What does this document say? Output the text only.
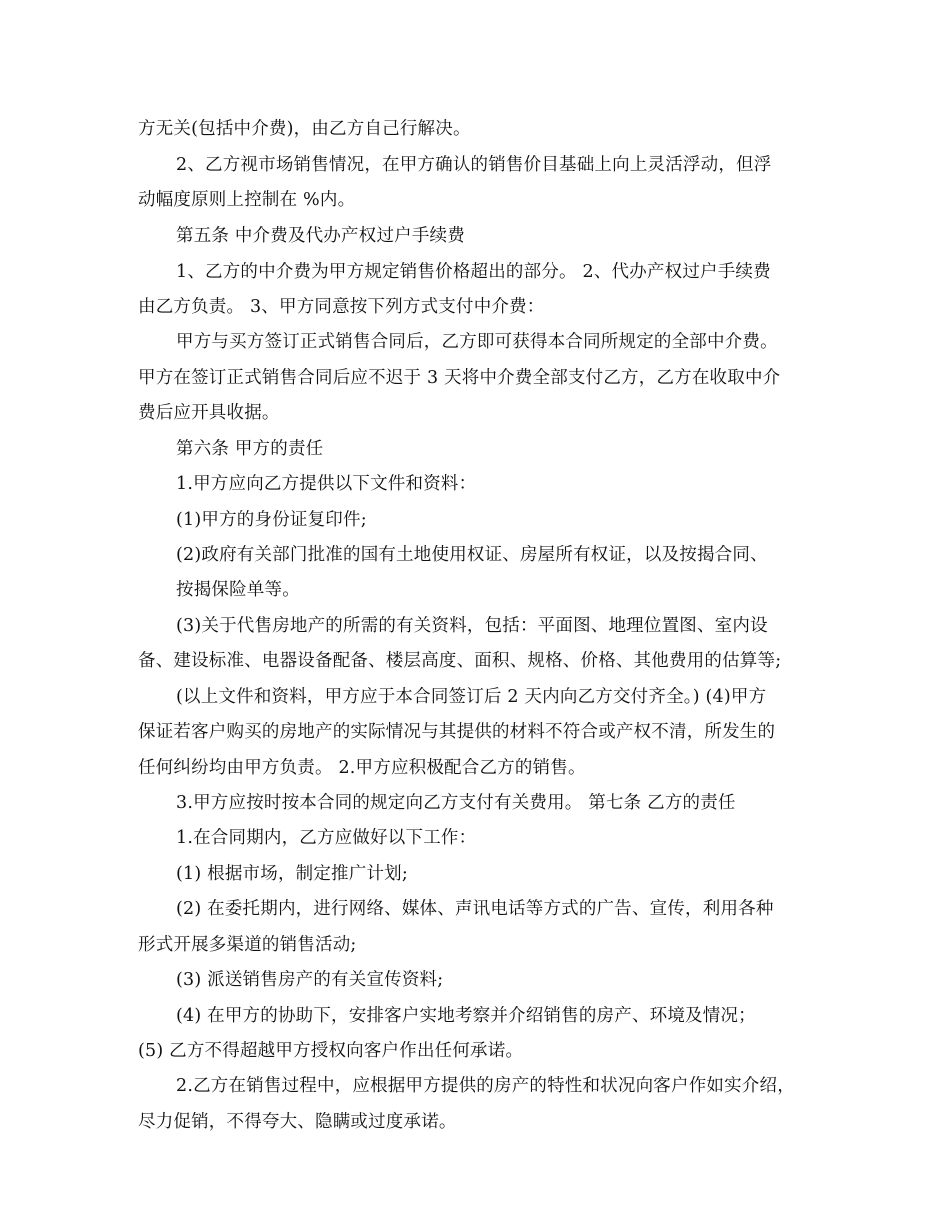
方无关(包括中介费)，由乙方自己行解决。
2、乙方视市场销售情况，在甲方确认的销售价目基础上向上灵活浮动，但浮
动幅度原则上控制在 %内。
第五条 中介费及代办产权过户手续费
1、乙方的中介费为甲方规定销售价格超出的部分。 2、代办产权过户手续费
由乙方负责。 3、甲方同意按下列方式支付中介费：
甲方与买方签订正式销售合同后，乙方即可获得本合同所规定的全部中介费。
甲方在签订正式销售合同后应不迟于 3 天将中介费全部支付乙方，乙方在收取中介
费后应开具收据。
第六条 甲方的责任
1.甲方应向乙方提供以下文件和资料：
(1)甲方的身份证复印件;
(2)政府有关部门批准的国有土地使用权证、房屋所有权证，以及按揭合同、
按揭保险单等。
(3)关于代售房地产的所需的有关资料，包括：平面图、地理位置图、室内设
备、建设标准、电器设备配备、楼层高度、面积、规格、价格、其他费用的估算等;
(以上文件和资料，甲方应于本合同签订后 2 天内向乙方交付齐全。) (4)甲方
保证若客户购买的房地产的实际情况与其提供的材料不符合或产权不清，所发生的
任何纠纷均由甲方负责。 2.甲方应积极配合乙方的销售。
3.甲方应按时按本合同的规定向乙方支付有关费用。 第七条 乙方的责任
1.在合同期内，乙方应做好以下工作：
(1) 根据市场，制定推广计划;
(2) 在委托期内，进行网络、媒体、声讯电话等方式的广告、宣传，利用各种
形式开展多渠道的销售活动;
(3) 派送销售房产的有关宣传资料;
(4) 在甲方的协助下，安排客户实地考察并介绍销售的房产、环境及情况；
(5) 乙方不得超越甲方授权向客户作出任何承诺。
2.乙方在销售过程中，应根据甲方提供的房产的特性和状况向客户作如实介绍，
尽力促销，不得夸大、隐瞒或过度承诺。
